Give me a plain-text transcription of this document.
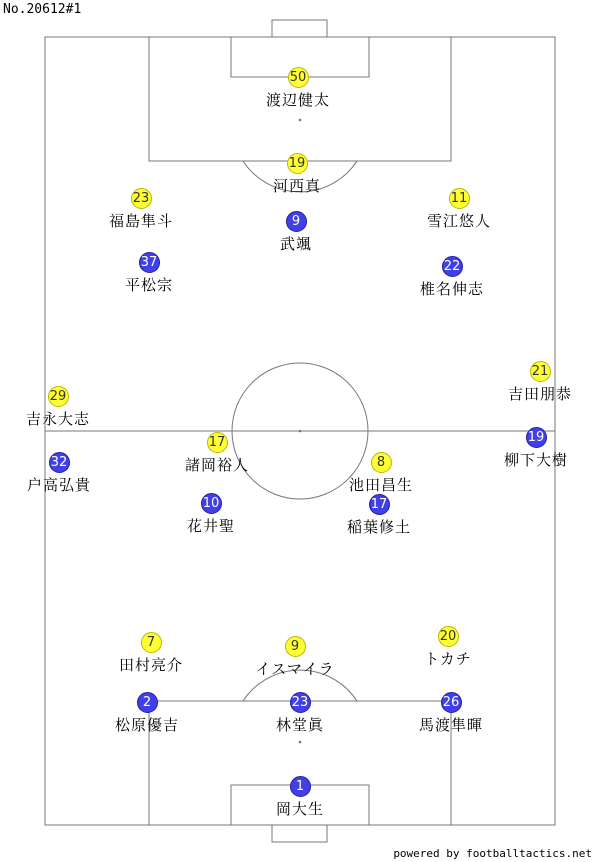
No.20612#1
50
渡辺健太
19
河西真
23
福島隼斗
11
雪江悠人
9
武颯
37
平松宗
22
椎名伸志
29
吉永大志
21
吉田朋恭
17
諸岡裕人
19
柳下大樹
32
户高弘貴
8
池田昌生
10
花井聖
17
稲葉修土
7
田村亮介
9
イスマイラ
20
トカチ
2
松原優吉
23
林堂眞
26
馬渡隼暉
1
岡大生
powered by footballtactics.net
